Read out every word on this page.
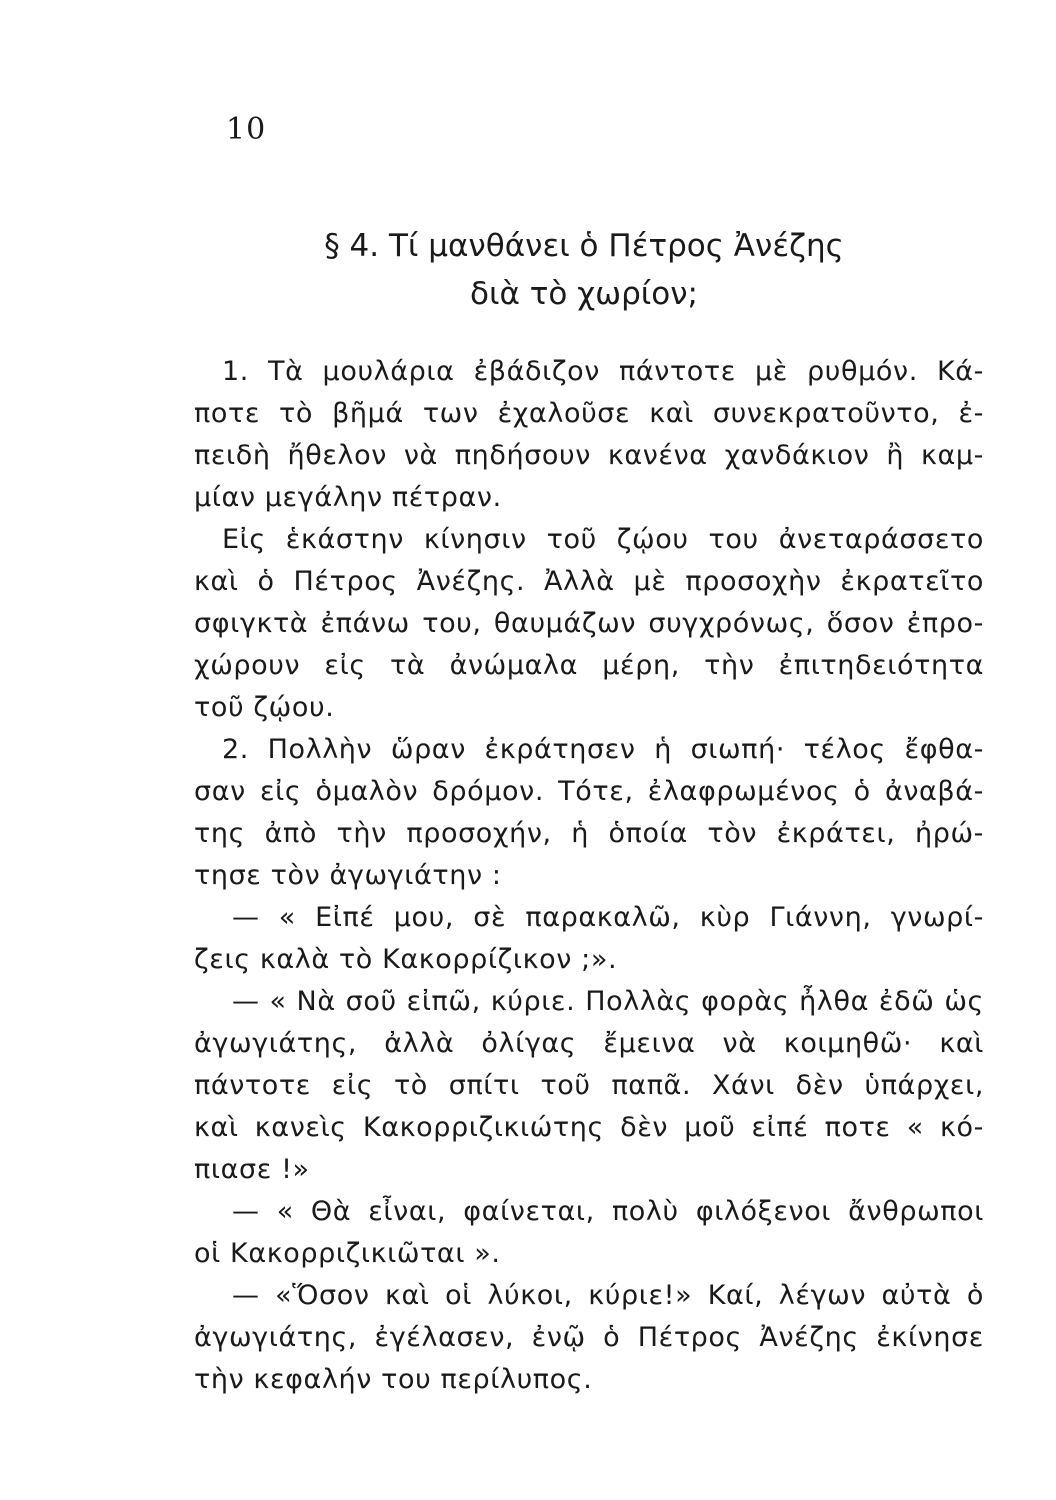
10
§ 4. Τί μανθάνει ὁ Πέτρος Ἀνέζης
διὰ τὸ χωρίον;
1. Τὰ μουλάρια ἐβάδιζον πάντοτε μὲ ρυθμόν. Κά-
ποτε τὸ βῆμά των ἐχαλοῦσε καὶ συνεκρατοῦντο, ἐ-
πειδὴ ἤθελον νὰ πηδήσουν κανένα χανδάκιον ἢ καμ-
μίαν μεγάλην πέτραν.
Εἰς ἑκάστην κίνησιν τοῦ ζῴου του ἀνεταράσσετο
καὶ ὁ Πέτρος Ἀνέζης. Ἀλλὰ μὲ προσοχὴν ἐκρατεῖτο
σφιγκτὰ ἐπάνω του, θαυμάζων συγχρόνως, ὅσον ἐπρο-
χώρουν εἰς τὰ ἀνώμαλα μέρη, τὴν ἐπιτηδειότητα
τοῦ ζῴου.
2. Πολλὴν ὥραν ἐκράτησεν ἡ σιωπή· τέλος ἔφθα-
σαν εἰς ὁμαλὸν δρόμον. Τότε, ἐλαφρωμένος ὁ ἀναβά-
της ἀπὸ τὴν προσοχήν, ἡ ὁποία τὸν ἐκράτει, ἠρώ-
τησε τὸν ἀγωγιάτην :
— « Εἰπέ μου, σὲ παρακαλῶ, κὺρ Γιάννη, γνωρί-
ζεις καλὰ τὸ Κακορρίζικον ;».
— « Νὰ σοῦ εἰπῶ, κύριε. Πολλὰς φορὰς ἦλθα ἐδῶ ὡς
ἀγωγιάτης, ἀλλὰ ὀλίγας ἔμεινα νὰ κοιμηθῶ· καὶ
πάντοτε εἰς τὸ σπίτι τοῦ παπᾶ. Χάνι δὲν ὑπάρχει,
καὶ κανεὶς Κακορριζικιώτης δὲν μοῦ εἰπέ ποτε « κό-
πιασε !»
— « Θὰ εἶναι, φαίνεται, πολὺ φιλόξενοι ἄνθρωποι
οἱ Κακορριζικιῶται ».
— «Ὅσον καὶ οἱ λύκοι, κύριε!» Καί, λέγων αὐτὰ ὁ
ἀγωγιάτης, ἐγέλασεν, ἐνῷ ὁ Πέτρος Ἀνέζης ἐκίνησε
τὴν κεφαλήν του περίλυπος.
